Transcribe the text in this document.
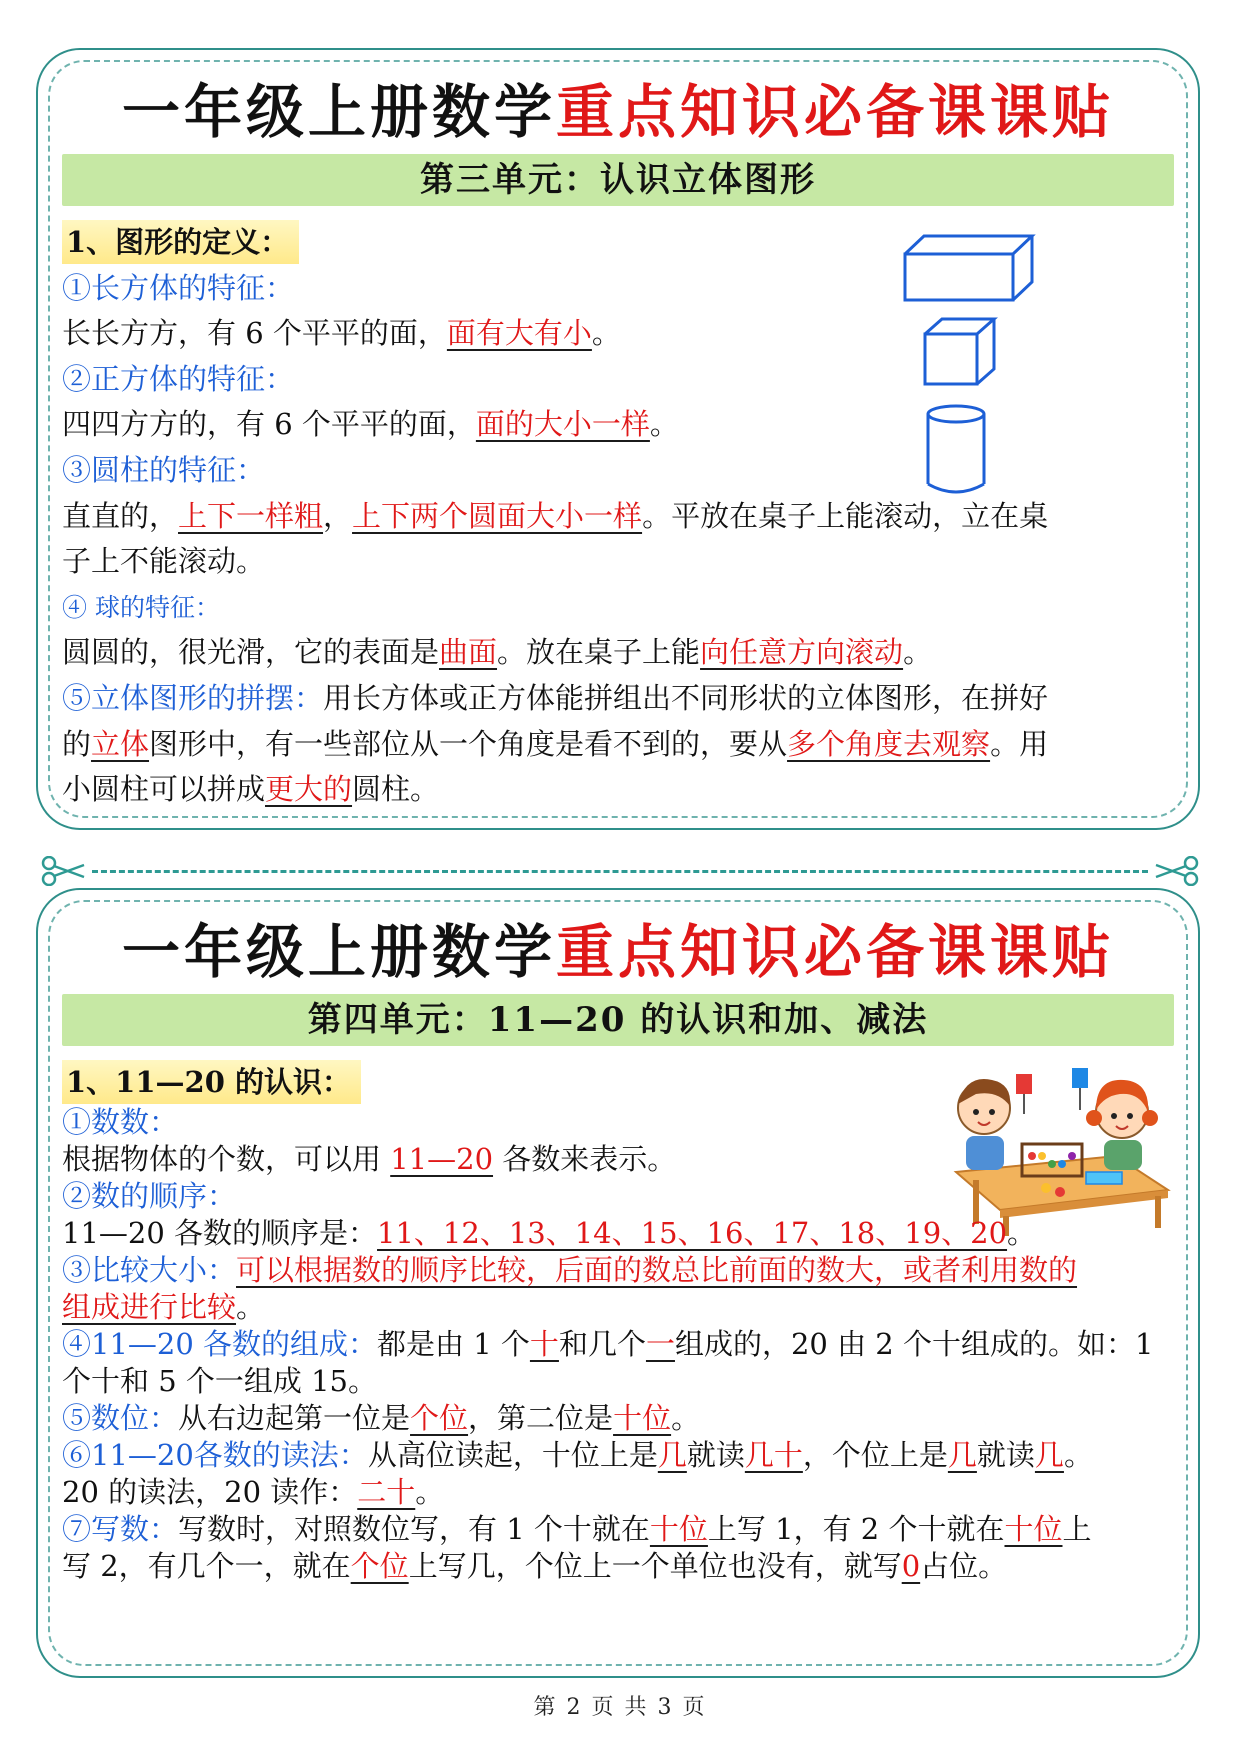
一年级上册数学重点知识必备课课贴
第三单元：认识立体图形
1、图形的定义：
①长方体的特征：
长长方方，有 6 个平平的面，面有大有小。
②正方体的特征：
四四方方的，有 6 个平平的面，面的大小一样。
③圆柱的特征：
直直的，上下一样粗，上下两个圆面大小一样。平放在桌子上能滚动，立在桌
子上不能滚动。
④ 球的特征：
圆圆的，很光滑，它的表面是曲面。放在桌子上能向任意方向滚动。
⑤立体图形的拼摆：用长方体或正方体能拼组出不同形状的立体图形，在拼好
的立体图形中，有一些部位从一个角度是看不到的，要从多个角度去观察。用
小圆柱可以拼成更大的圆柱。
一年级上册数学重点知识必备课课贴
第四单元：11—20 的认识和加、减法
1、11—20 的认识：
①数数：
根据物体的个数，可以用 11—20 各数来表示。
②数的顺序：
11—20 各数的顺序是：11、12、13、14、15、16、17、18、19、20。
③比较大小：可以根据数的顺序比较，后面的数总比前面的数大，或者利用数的
组成进行比较。
④11—20 各数的组成：都是由 1 个十和几个一组成的，20 由 2 个十组成的。如：1
个十和 5 个一组成 15。
⑤数位：从右边起第一位是个位，第二位是十位。
⑥11—20各数的读法：从高位读起，十位上是几就读几十，个位上是几就读几。
20 的读法，20 读作：二十。
⑦写数：写数时，对照数位写，有 1 个十就在十位上写 1，有 2 个十就在十位上
写 2，有几个一，就在个位上写几，个位上一个单位也没有，就写0占位。
第 2 页 共 3 页
